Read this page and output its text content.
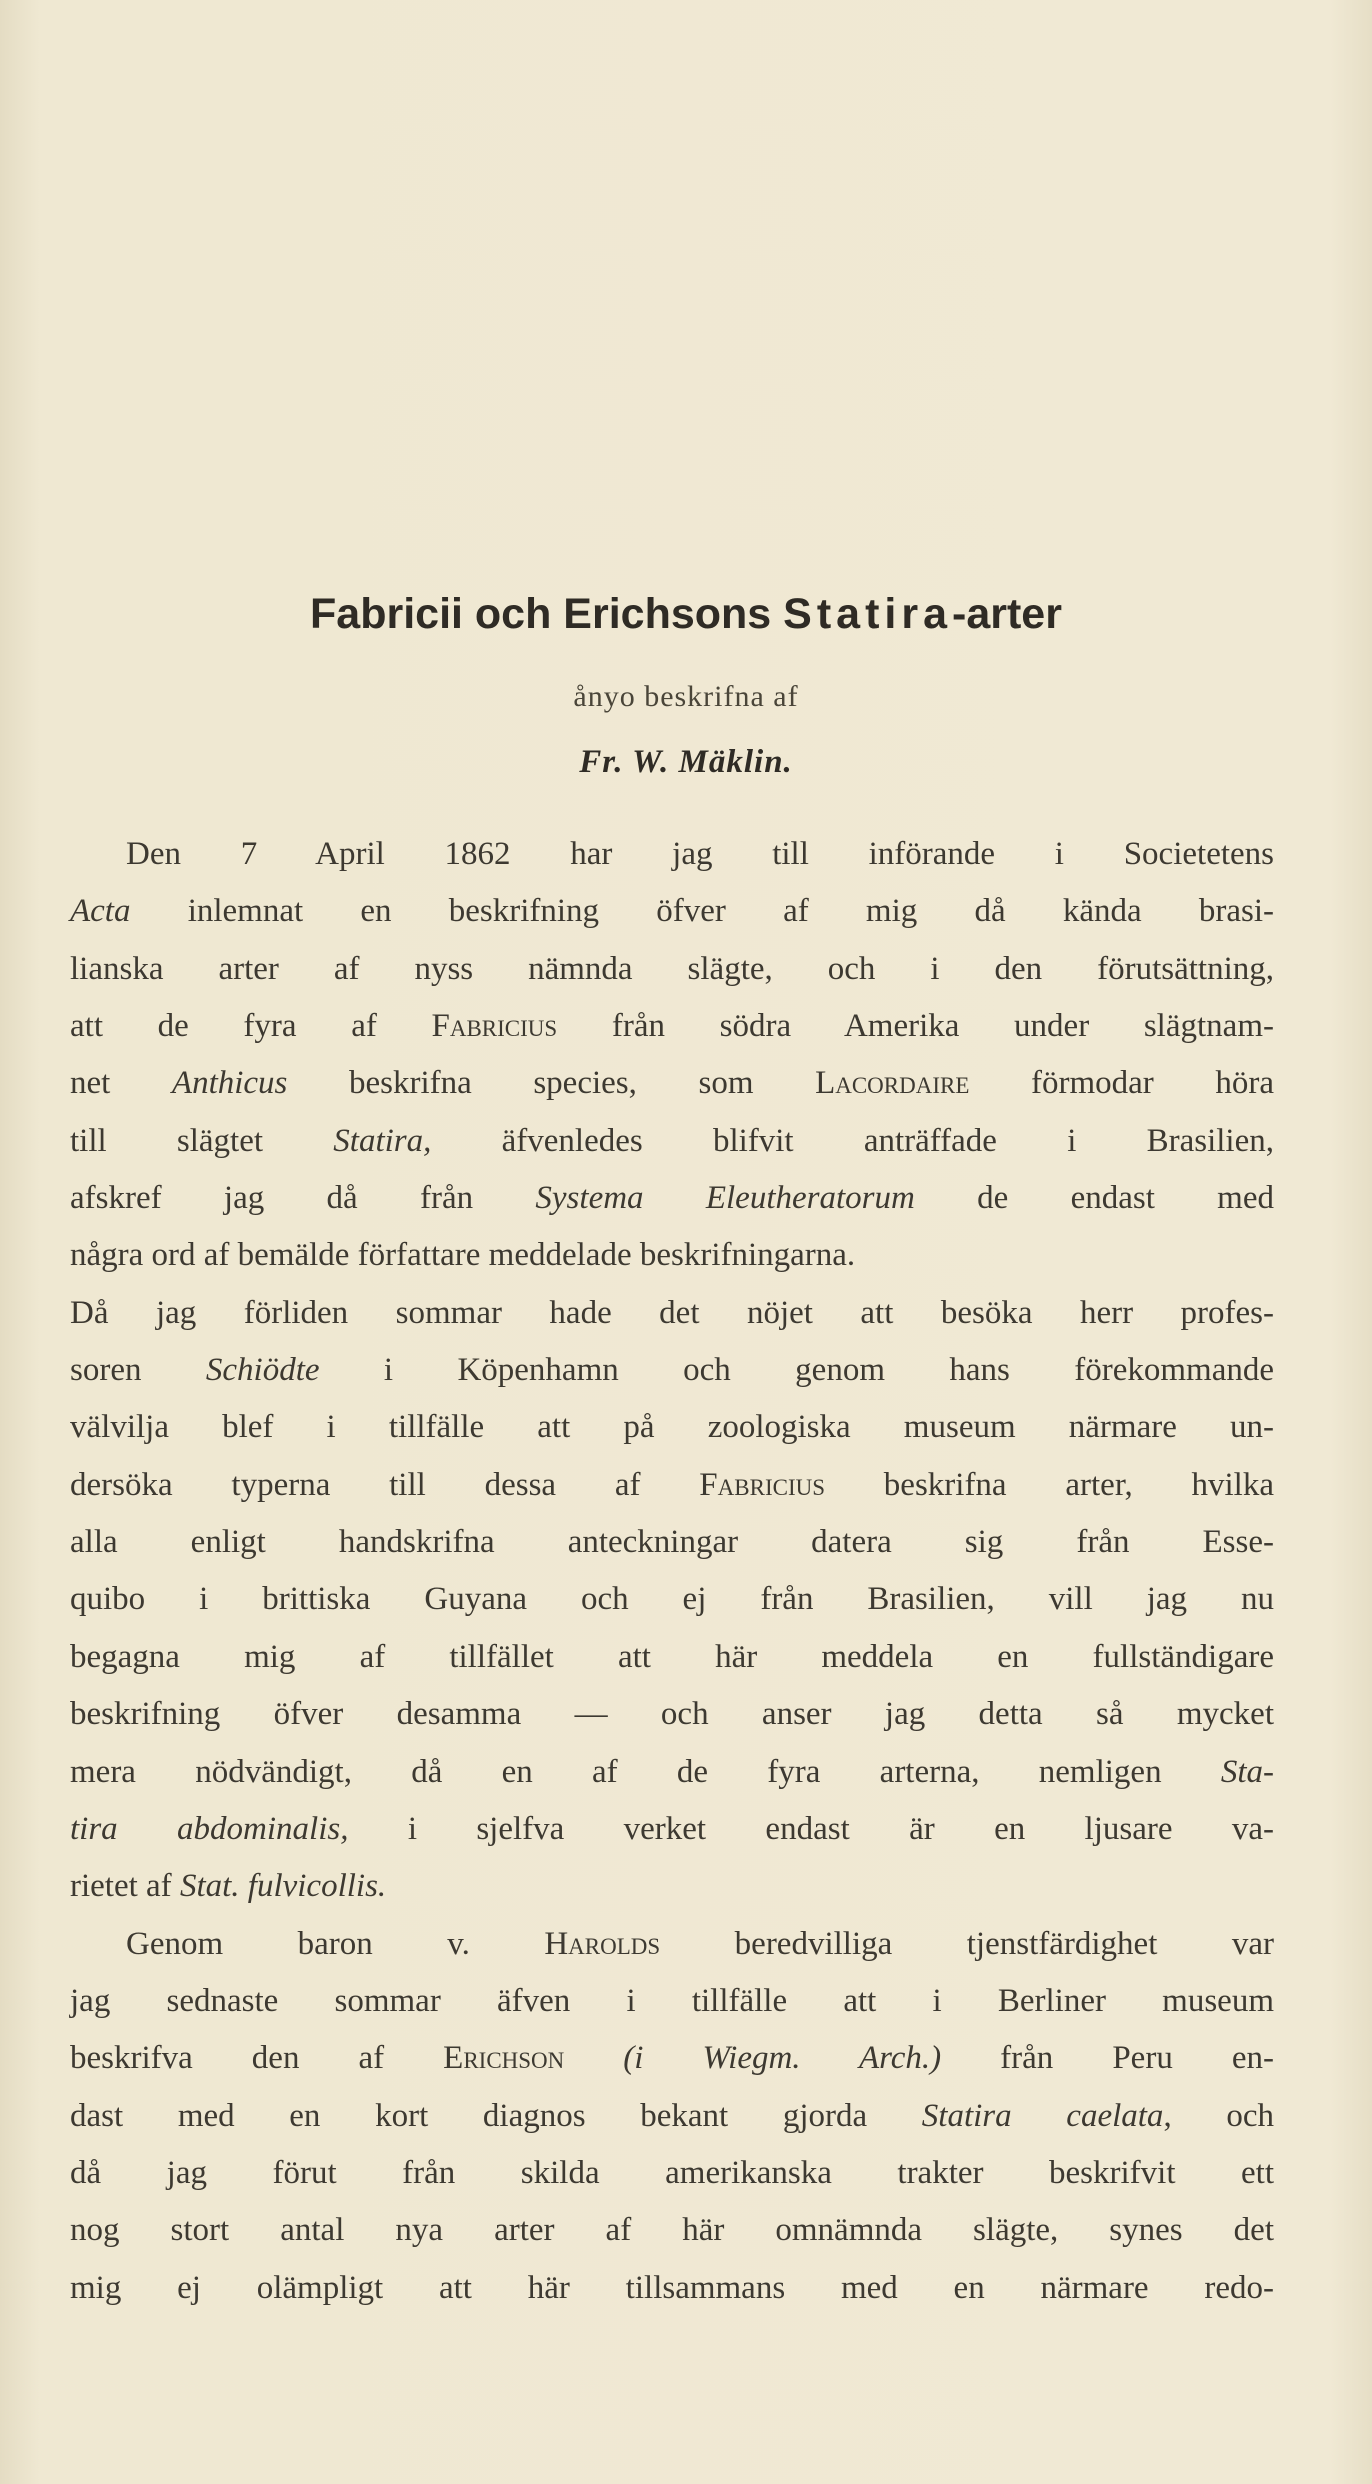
Fabricii och Erichsons Statira-arter
ånyo beskrifna af
Fr. W. Mäklin.
Den 7 April 1862 har jag till införande i Societetens
Acta inlemnat en beskrifning öfver af mig då kända brasi-
lianska arter af nyss nämnda slägte, och i den förutsättning,
att de fyra af Fabricius från södra Amerika under slägtnam-
net Anthicus beskrifna species, som Lacordaire förmodar höra
till slägtet Statira, äfvenledes blifvit anträffade i Brasilien,
afskref jag då från Systema Eleutheratorum de endast med
några ord af bemälde författare meddelade beskrifningarna.
Då jag förliden sommar hade det nöjet att besöka herr profes-
soren Schiödte i Köpenhamn och genom hans förekommande
välvilja blef i tillfälle att på zoologiska museum närmare un-
dersöka typerna till dessa af Fabricius beskrifna arter, hvilka
alla enligt handskrifna anteckningar datera sig från Esse-
quibo i brittiska Guyana och ej från Brasilien, vill jag nu
begagna mig af tillfället att här meddela en fullständigare
beskrifning öfver desamma — och anser jag detta så mycket
mera nödvändigt, då en af de fyra arterna, nemligen Sta-
tira abdominalis, i sjelfva verket endast är en ljusare va-
rietet af Stat. fulvicollis.
Genom baron v. Harolds beredvilliga tjenstfärdighet var
jag sednaste sommar äfven i tillfälle att i Berliner museum
beskrifva den af Erichson (i Wiegm. Arch.) från Peru en-
dast med en kort diagnos bekant gjorda Statira caelata, och
då jag förut från skilda amerikanska trakter beskrifvit ett
nog stort antal nya arter af här omnämnda slägte, synes det
mig ej olämpligt att här tillsammans med en närmare redo-
